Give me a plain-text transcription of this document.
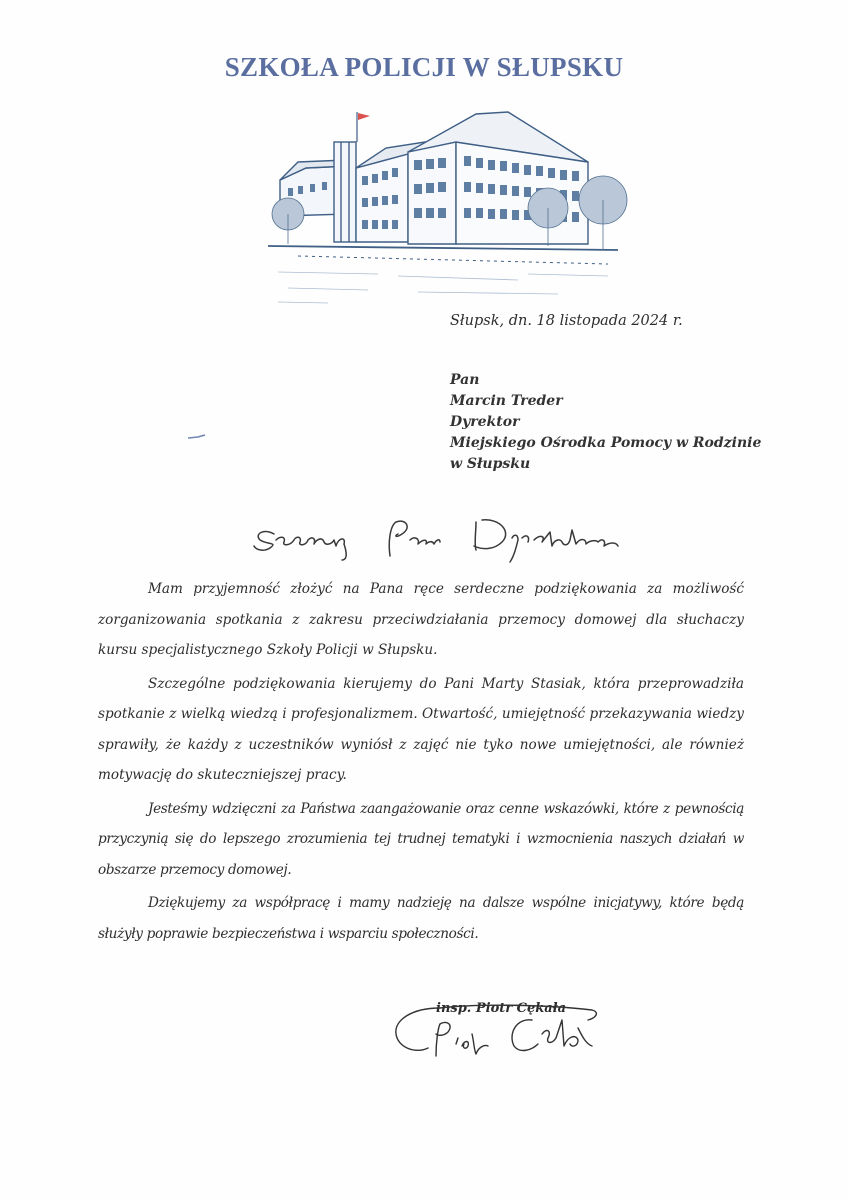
SZKOŁA POLICJI W SŁUPSKU
Słupsk, dn. 18 listopada 2024 r.
Pan
Marcin Treder
Dyrektor
Miejskiego Ośrodka Pomocy w Rodzinie
w Słupsku

Mam przyjemność złożyć na Pana ręce serdeczne podziękowania za możliwość zorganizowania spotkania z zakresu przeciwdziałania przemocy domowej dla słuchaczy kursu specjalistycznego Szkoły Policji w Słupsku.

Szczególne podziękowania kierujemy do Pani Marty Stasiak, która przeprowadziła spotkanie z wielką wiedzą i profesjonalizmem. Otwartość, umiejętność przekazywania wiedzy sprawiły, że każdy z uczestników wyniósł z zajęć nie tyko nowe umiejętności, ale również motywację do skuteczniejszej pracy.

Jesteśmy wdzięczni za Państwa zaangażowanie oraz cenne wskazówki, które z pewnością przyczynią się do lepszego zrozumienia tej trudnej tematyki i wzmocnienia naszych działań w obszarze przemocy domowej.

Dziękujemy za współpracę i mamy nadzieję na dalsze wspólne inicjatywy, które będą służyły poprawie bezpieczeństwa i wsparciu społeczności.

insp. Piotr Cękała
